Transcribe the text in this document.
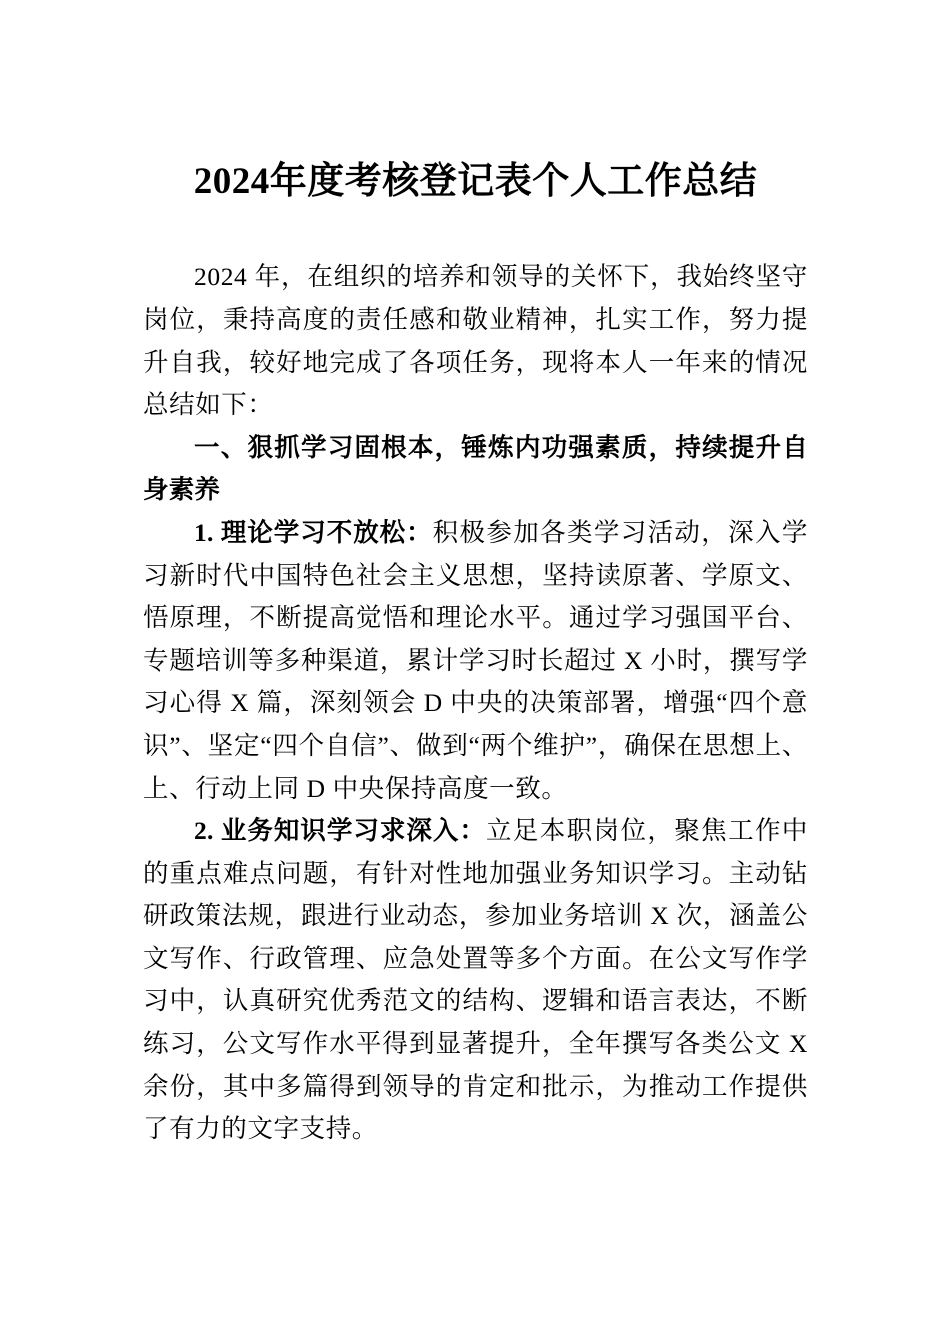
2024年度考核登记表个人工作总结

2024 年，在组织的培养和领导的关怀下，我始终坚守岗位，秉持高度的责任感和敬业精神，扎实工作，努力提升自我，较好地完成了各项任务，现将本人一年来的情况总结如下：

一、狠抓学习固根本，锤炼内功强素质，持续提升自身素养

1. 理论学习不放松：积极参加各类学习活动，深入学习新时代中国特色社会主义思想，坚持读原著、学原文、悟原理，不断提高觉悟和理论水平。通过学习强国平台、专题培训等多种渠道，累计学习时长超过 X 小时，撰写学习心得 X 篇，深刻领会 D 中央的决策部署，增强“四个意识”、坚定“四个自信”、做到“两个维护”，确保在思想上、上、行动上同 D 中央保持高度一致。

2. 业务知识学习求深入：立足本职岗位，聚焦工作中的重点难点问题，有针对性地加强业务知识学习。主动钻研政策法规，跟进行业动态，参加业务培训 X 次，涵盖公文写作、行政管理、应急处置等多个方面。在公文写作学习中，认真研究优秀范文的结构、逻辑和语言表达，不断练习，公文写作水平得到显著提升，全年撰写各类公文 X 余份，其中多篇得到领导的肯定和批示，为推动工作提供了有力的文字支持。
